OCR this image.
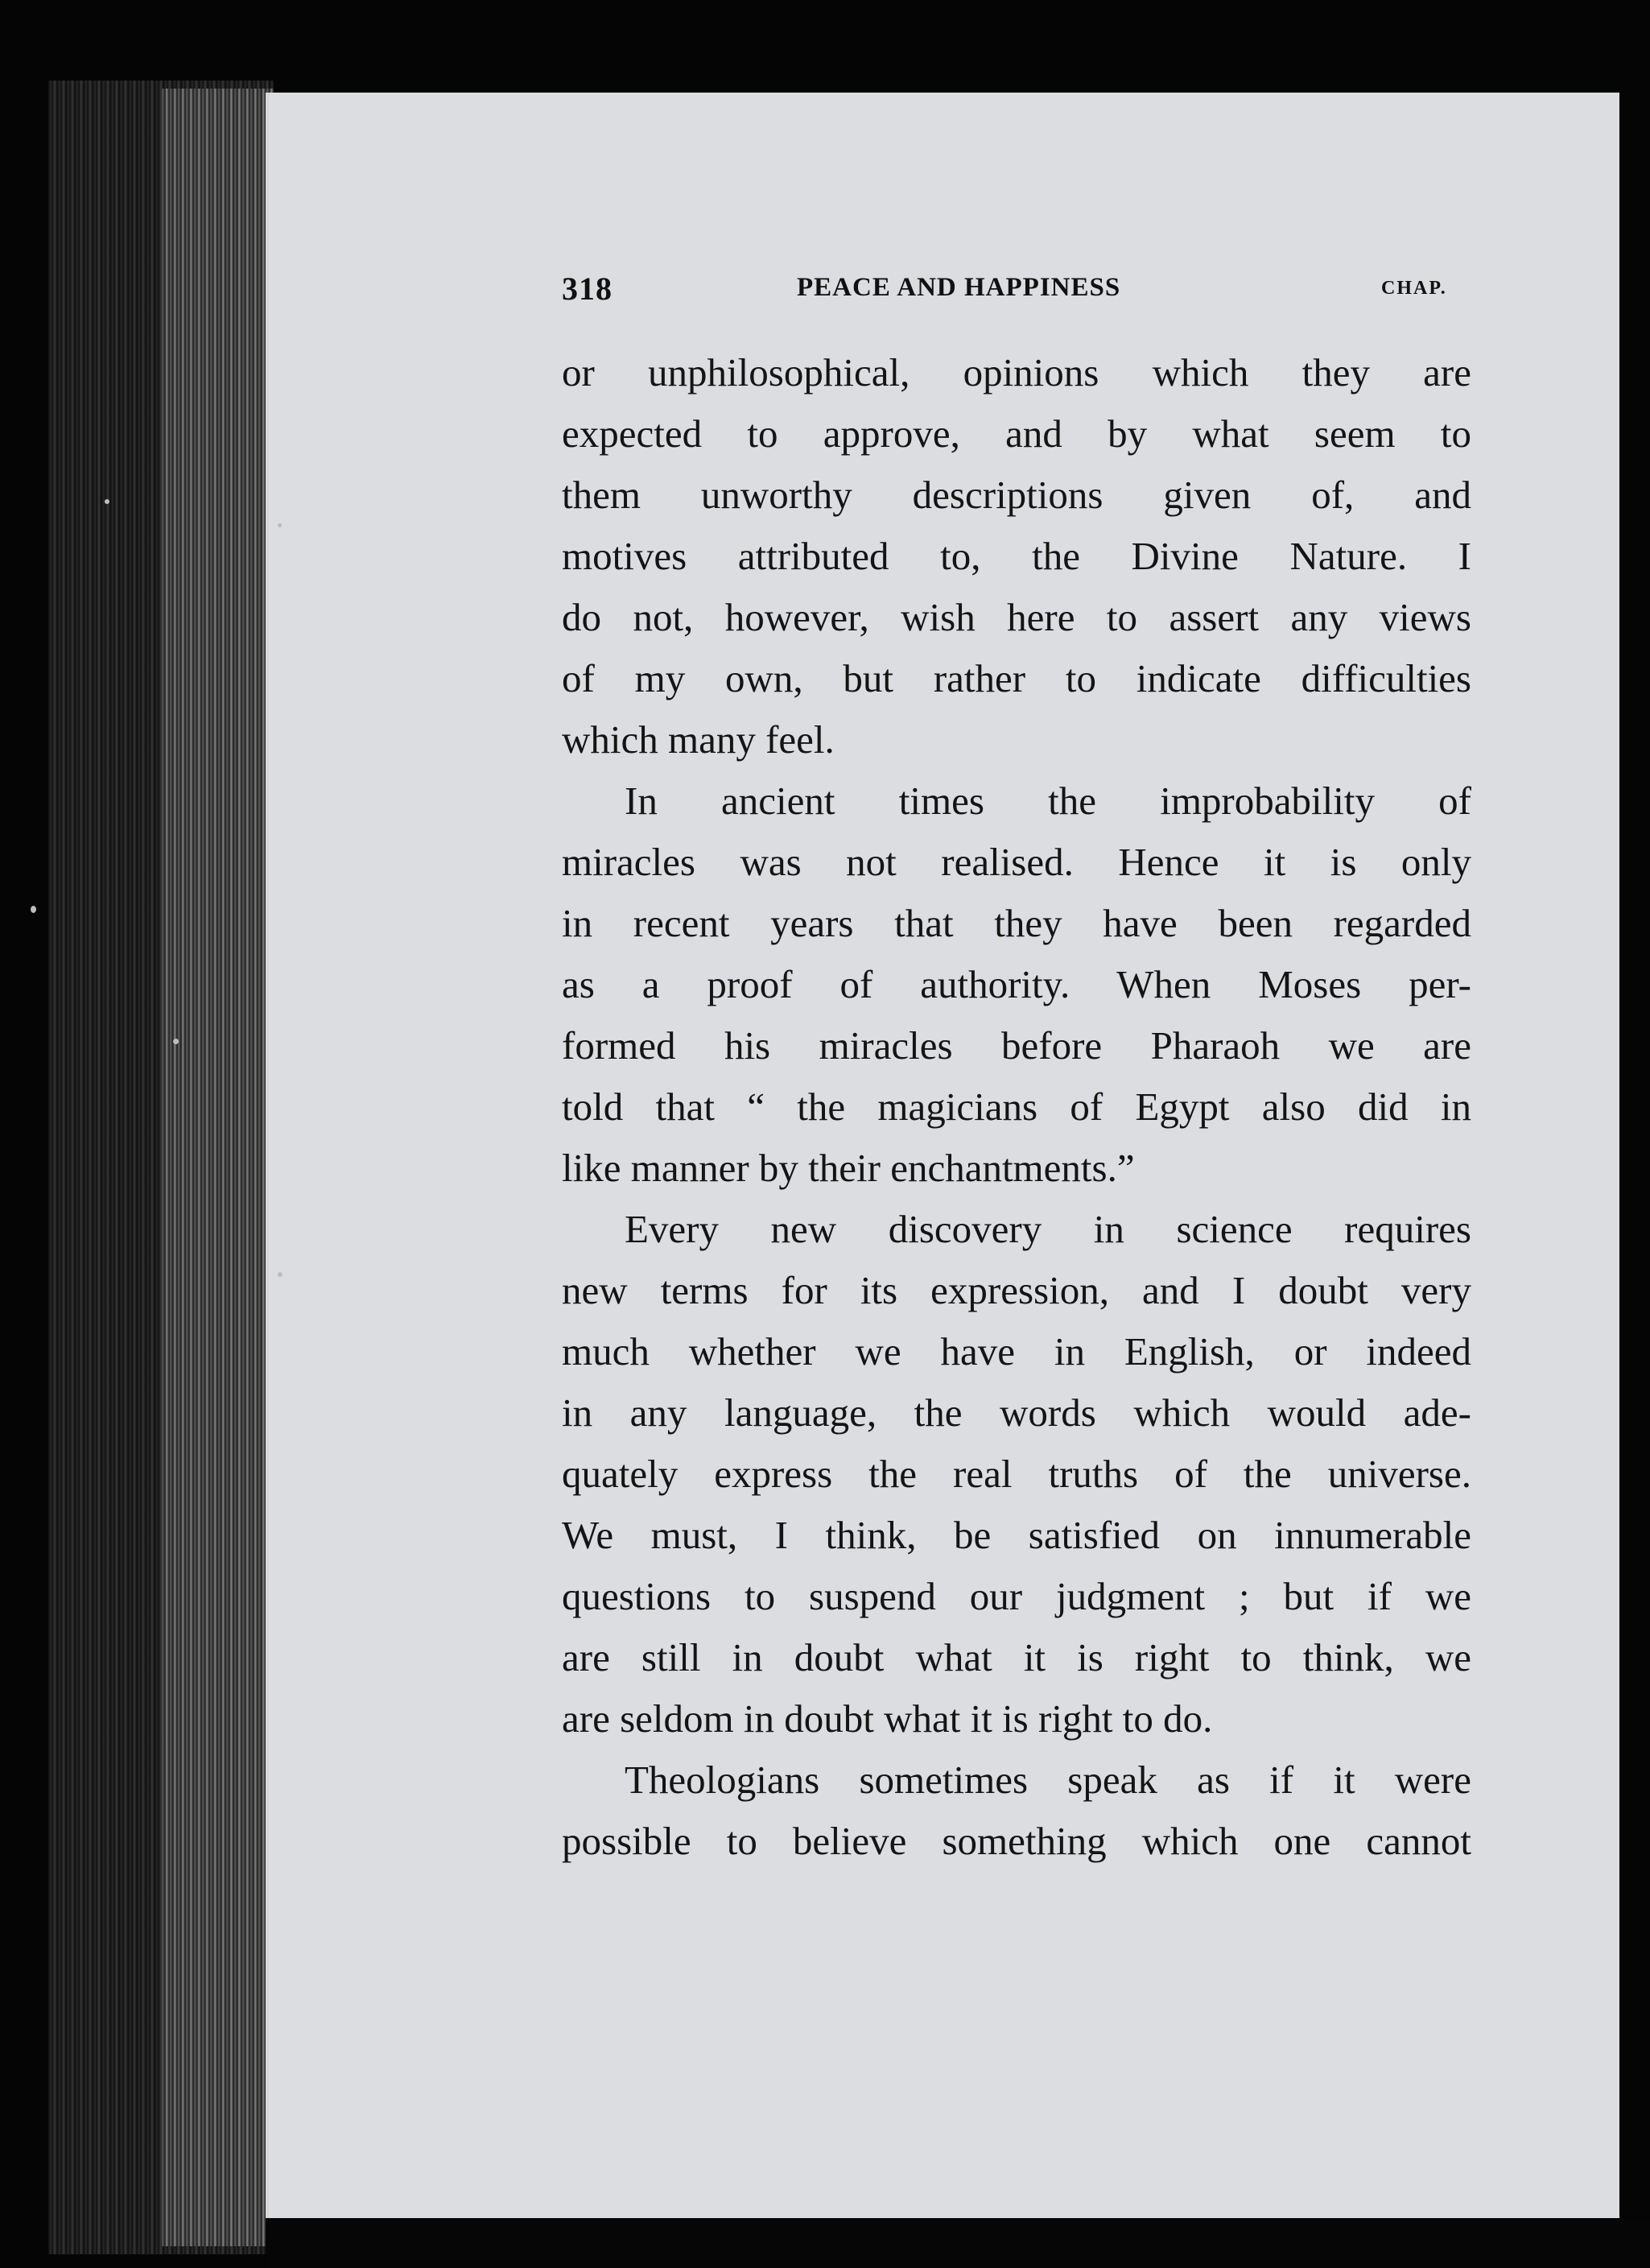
318	PEACE AND HAPPINESS	CHAP.

or unphilosophical, opinions which they are
expected to approve, and by what seem to
them unworthy descriptions given of, and
motives attributed to, the Divine Nature. I
do not, however, wish here to assert any views
of my own, but rather to indicate difficulties
which many feel.

In ancient times the improbability of
miracles was not realised. Hence it is only
in recent years that they have been regarded
as a proof of authority. When Moses per-
formed his miracles before Pharaoh we are
told that “ the magicians of Egypt also did in
like manner by their enchantments.”

Every new discovery in science requires
new terms for its expression, and I doubt very
much whether we have in English, or indeed
in any language, the words which would ade-
quately express the real truths of the universe.
We must, I think, be satisfied on innumerable
questions to suspend our judgment ; but if we
are still in doubt what it is right to think, we
are seldom in doubt what it is right to do.

Theologians sometimes speak as if it were
possible to believe something which one cannot
